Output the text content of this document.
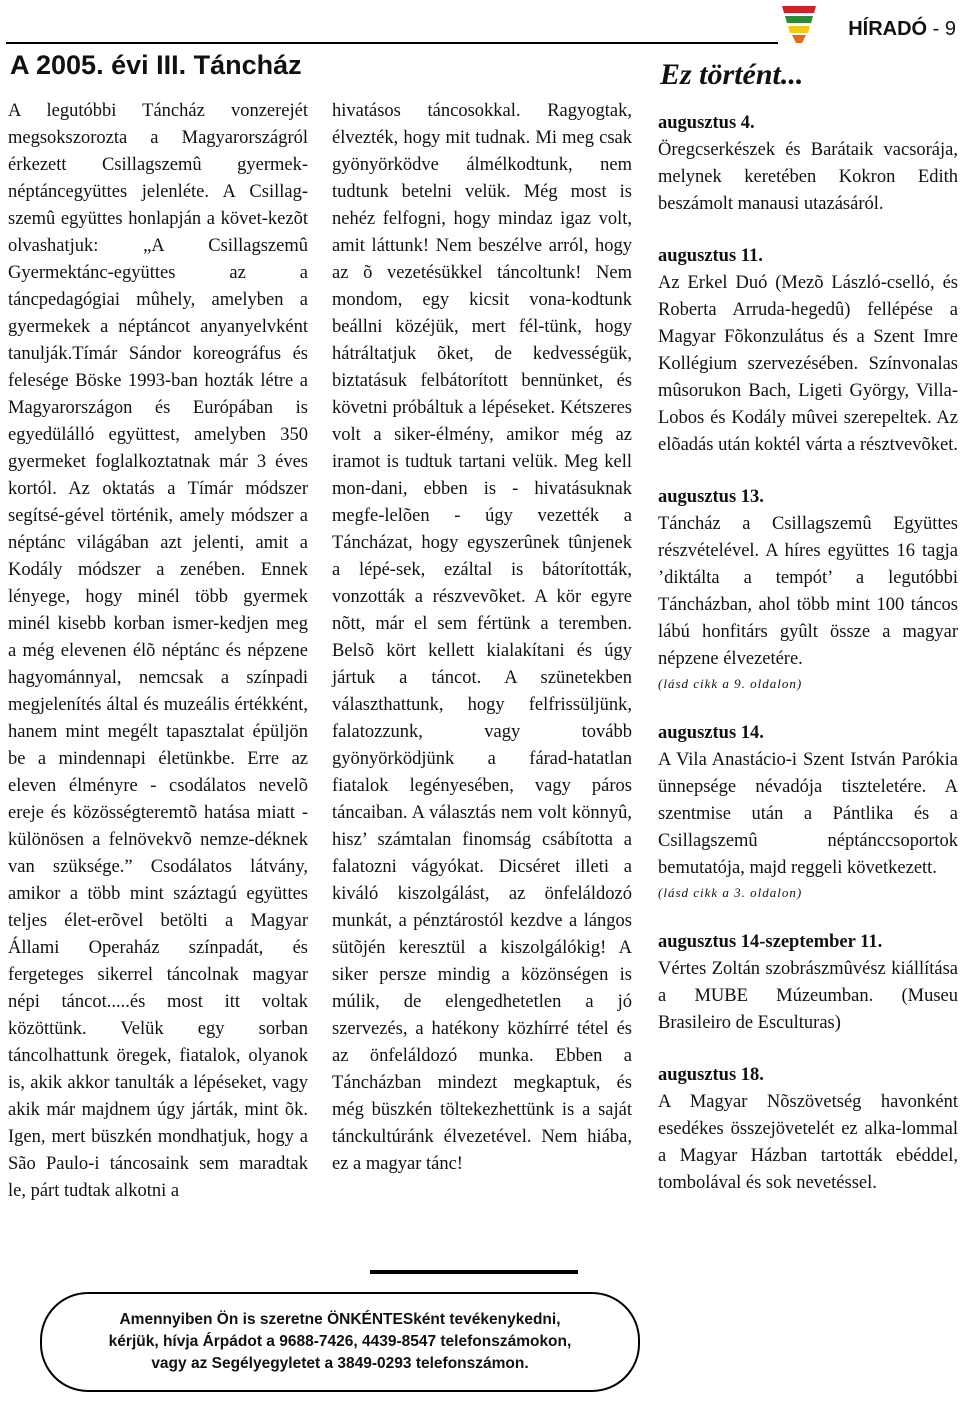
HÍRADÓ - 9
A 2005. évi III. Táncház

A legutóbbi Táncház vonzerejét megsokszorozta a Magyarországról érkezett Csillagszemû gyermek-néptáncegyüttes jelenléte. A Csillag-szemû együttes honlapján a követ-kezõt olvashatjuk: „A Csillagszemû Gyermektánc-együttes az a táncpedagógiai mûhely, amelyben a gyermekek a néptáncot anyanyelvként tanulják.Tímár Sándor koreográfus és felesége Böske 1993-ban hozták létre a Magyarországon és Európában is egyedülálló együttest, amelyben 350 gyermeket foglalkoztatnak már 3 éves kortól. Az oktatás a Tímár módszer segítsé-gével történik, amely módszer a néptánc világában azt jelenti, amit a Kodály módszer a zenében. Ennek lényege, hogy minél több gyermek minél kisebb korban ismer-kedjen meg a még elevenen élõ néptánc és népzene hagyománnyal, nemcsak a színpadi megjelenítés által és muzeális értékként, hanem mint megélt tapasztalat épüljön be a mindennapi életünkbe. Erre az eleven élményre - csodálatos nevelõ ereje és közösségteremtõ hatása miatt - különösen a felnövekvõ nemze-déknek van szüksége.” Csodálatos látvány, amikor a több mint száztagú együttes teljes élet-erõvel betölti a Magyar Állami Operaház színpadát, és fergeteges sikerrel táncolnak magyar népi táncot.....és most itt voltak közöttünk. Velük egy sorban táncolhattunk öregek, fiatalok, olyanok is, akik akkor tanulták a lépéseket, vagy akik már majdnem úgy járták, mint õk. Igen, mert büszkén mondhatjuk, hogy a São Paulo-i táncosaink sem maradtak le, párt tudtak alkotni a

hivatásos táncosokkal. Ragyogtak, élvezték, hogy mit tudnak. Mi meg csak gyönyörködve álmélkodtunk, nem tudtunk betelni velük. Még most is nehéz felfogni, hogy mindaz igaz volt, amit láttunk! Nem beszélve arról, hogy az õ vezetésükkel táncoltunk! Nem mondom, egy kicsit vona-kodtunk beállni közéjük, mert fél-tünk, hogy hátráltatjuk õket, de kedvességük, biztatásuk felbátorított bennünket, és követni próbáltuk a lépéseket. Kétszeres volt a siker-élmény, amikor még az iramot is tudtuk tartani velük. Meg kell mon-dani, ebben is - hivatásuknak megfe-lelõen - úgy vezették a Táncházat, hogy egyszerûnek tûnjenek a lépé-sek, ezáltal is bátorították, vonzották a részvevõket. A kör egyre nõtt, már el sem fértünk a teremben. Belsõ kört kellett kialakítani és úgy jártuk a táncot. A szünetekben választhattunk, hogy felfrissüljünk, falatozzunk, vagy tovább gyönyörködjünk a fárad-hatatlan fiatalok legényesében, vagy páros táncaiban. A választás nem volt könnyû, hisz’ számtalan finomság csábította a falatozni vágyókat. Dicséret illeti a kiváló kiszolgálást, az önfeláldozó munkát, a pénztárostól kezdve a lángos sütõjén keresztül a kiszolgálókig! A siker persze mindig a közönségen is múlik, de elengedhetetlen a jó szervezés, a hatékony közhírré tétel és az önfeláldozó munka. Ebben a Táncházban mindezt megkaptuk, és még büszkén töltekezhettünk is a saját tánckultúránk élvezetével. Nem hiába, ez a magyar tánc!

Ez történt...
augusztus 4.

Öregcserkészek és Barátaik vacsorája, melynek keretében Kokron Edith beszámolt manausi utazásáról.

augusztus 11.

Az Erkel Duó (Mezõ László-cselló, és Roberta Arruda-hegedû) fellépése a Magyar Fõkonzulátus és a Szent Imre Kollégium szervezésében. Színvonalas mûsorukon Bach, Ligeti György, Villa-Lobos és Kodály mûvei szerepeltek. Az elõadás után koktél várta a résztvevõket.

augusztus 13.

Táncház a Csillagszemû Együttes részvételével. A híres együttes 16 tagja ’diktálta a tempót’ a legutóbbi Táncházban, ahol több mint 100 táncos lábú honfitárs gyûlt össze a magyar népzene élvezetére.

(lásd cikk a 9. oldalon)
augusztus 14.

A Vila Anastácio-i Szent István Parókia ünnepsége névadója tiszteletére. A szentmise után a Pántlika és a Csillagszemû néptánccsoportok bemutatója, majd reggeli következett.

(lásd cikk a 3. oldalon)
augusztus 14-szeptember 11.

Vértes Zoltán szobrászmûvész kiállítása a MUBE Múzeumban. (Museu Brasileiro de Esculturas)

augusztus 18.

A Magyar Nõszövetség havonként esedékes összejövetelét ez alka-lommal a Magyar Házban tartották ebéddel, tombolával és sok nevetéssel.

Amennyiben Ön is szeretne ÖNKÉNTESként tevékenykedni,
kérjük, hívja Árpádot a 9688-7426, 4439-8547 telefonszámokon,
vagy az Segélyegyletet a 3849-0293 telefonszámon.
